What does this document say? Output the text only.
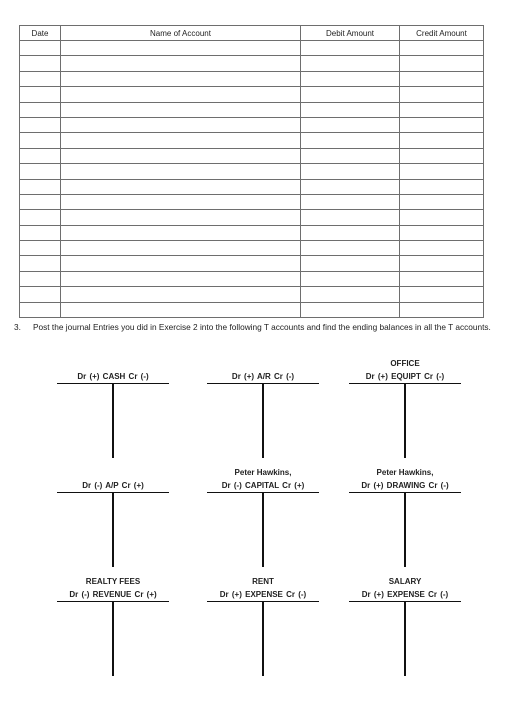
Date	Name of Account	Debit Amount	Credit Amount

3. Post the journal Entries you did in Exercise 2 into the following T accounts and find the ending balances in all the T accounts.
Dr (+) CASH Cr (-)	Dr (+) A/R Cr (-)
OFFICE
Dr (+) EQUIPT Cr (-)
Dr (-) A/P Cr (+)
Peter Hawkins,
Dr (-) CAPITAL Cr (+)
Peter Hawkins,
Dr (+) DRAWING Cr (-)
REALTY FEES
Dr (-) REVENUE Cr (+)
RENT
Dr (+) EXPENSE Cr (-)
SALARY
Dr (+) EXPENSE Cr (-)
